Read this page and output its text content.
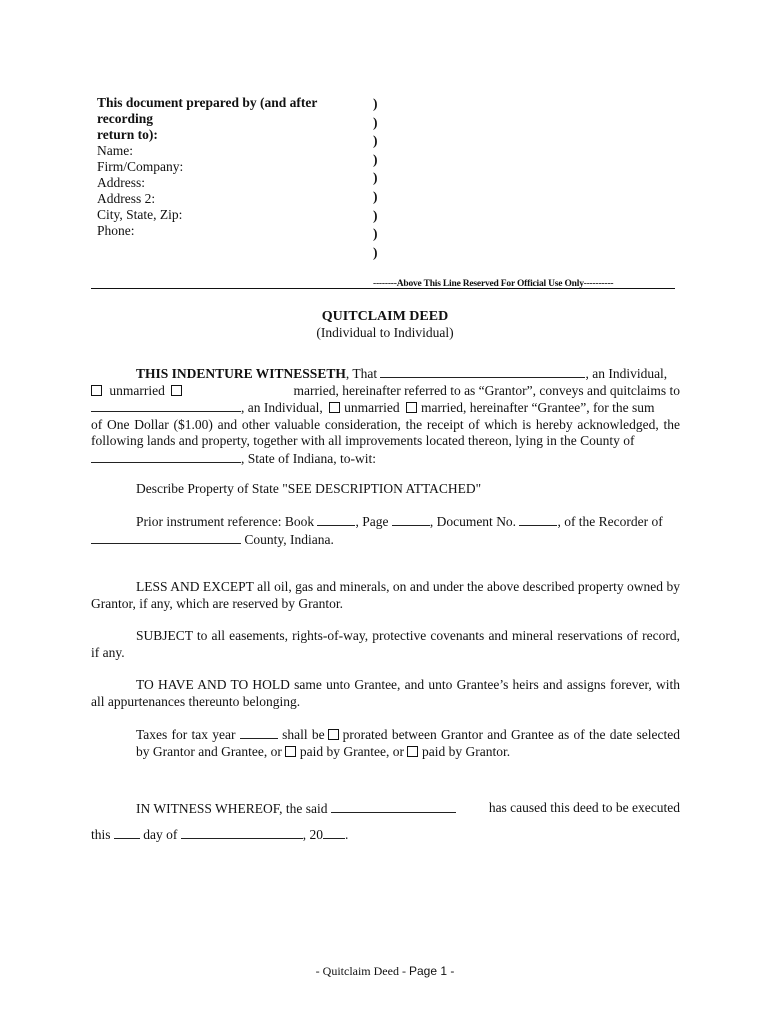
This document prepared by (and after recording
return to):
Name:
Firm/Company:
Address:
Address 2:
City, State, Zip:
Phone:
)
)
)
)
)
)
)
)
)
--------Above This Line Reserved For Official Use Only----------
QUITCLAIM DEED
(Individual to Individual)
THIS INDENTURE WITNESSETH, That	, an Individual,
unmarried	married, hereinafter referred to as “Grantor”, conveys and quitclaims to
, an Individual, unmarried married, hereinafter “Grantee”, for the sum
of One Dollar ($1.00) and other valuable consideration, the receipt of which is hereby acknowledged, the following lands and property, together with all improvements located thereon, lying in the County of
, State of Indiana, to-wit:
Describe Property of State "SEE DESCRIPTION ATTACHED"
Prior instrument reference: Book	, Page	, Document No.	, of the Recorder of
County, Indiana.
LESS AND EXCEPT all oil, gas and minerals, on and under the above described property owned by Grantor, if any, which are reserved by Grantor.
SUBJECT to all easements, rights-of-way, protective covenants and mineral reservations of record, if any.
TO HAVE AND TO HOLD same unto Grantee, and unto Grantee’s heirs and assigns forever, with all appurtenances thereunto belonging.
Taxes for tax year	shall be prorated between Grantor and Grantee as of the date selected by Grantor and Grantee, or paid by Grantee, or paid by Grantor.
IN WITNESS WHEREOF, the said	has caused this deed to be executed
this day of	, 20 .
- Quitclaim Deed - Page 1 -
